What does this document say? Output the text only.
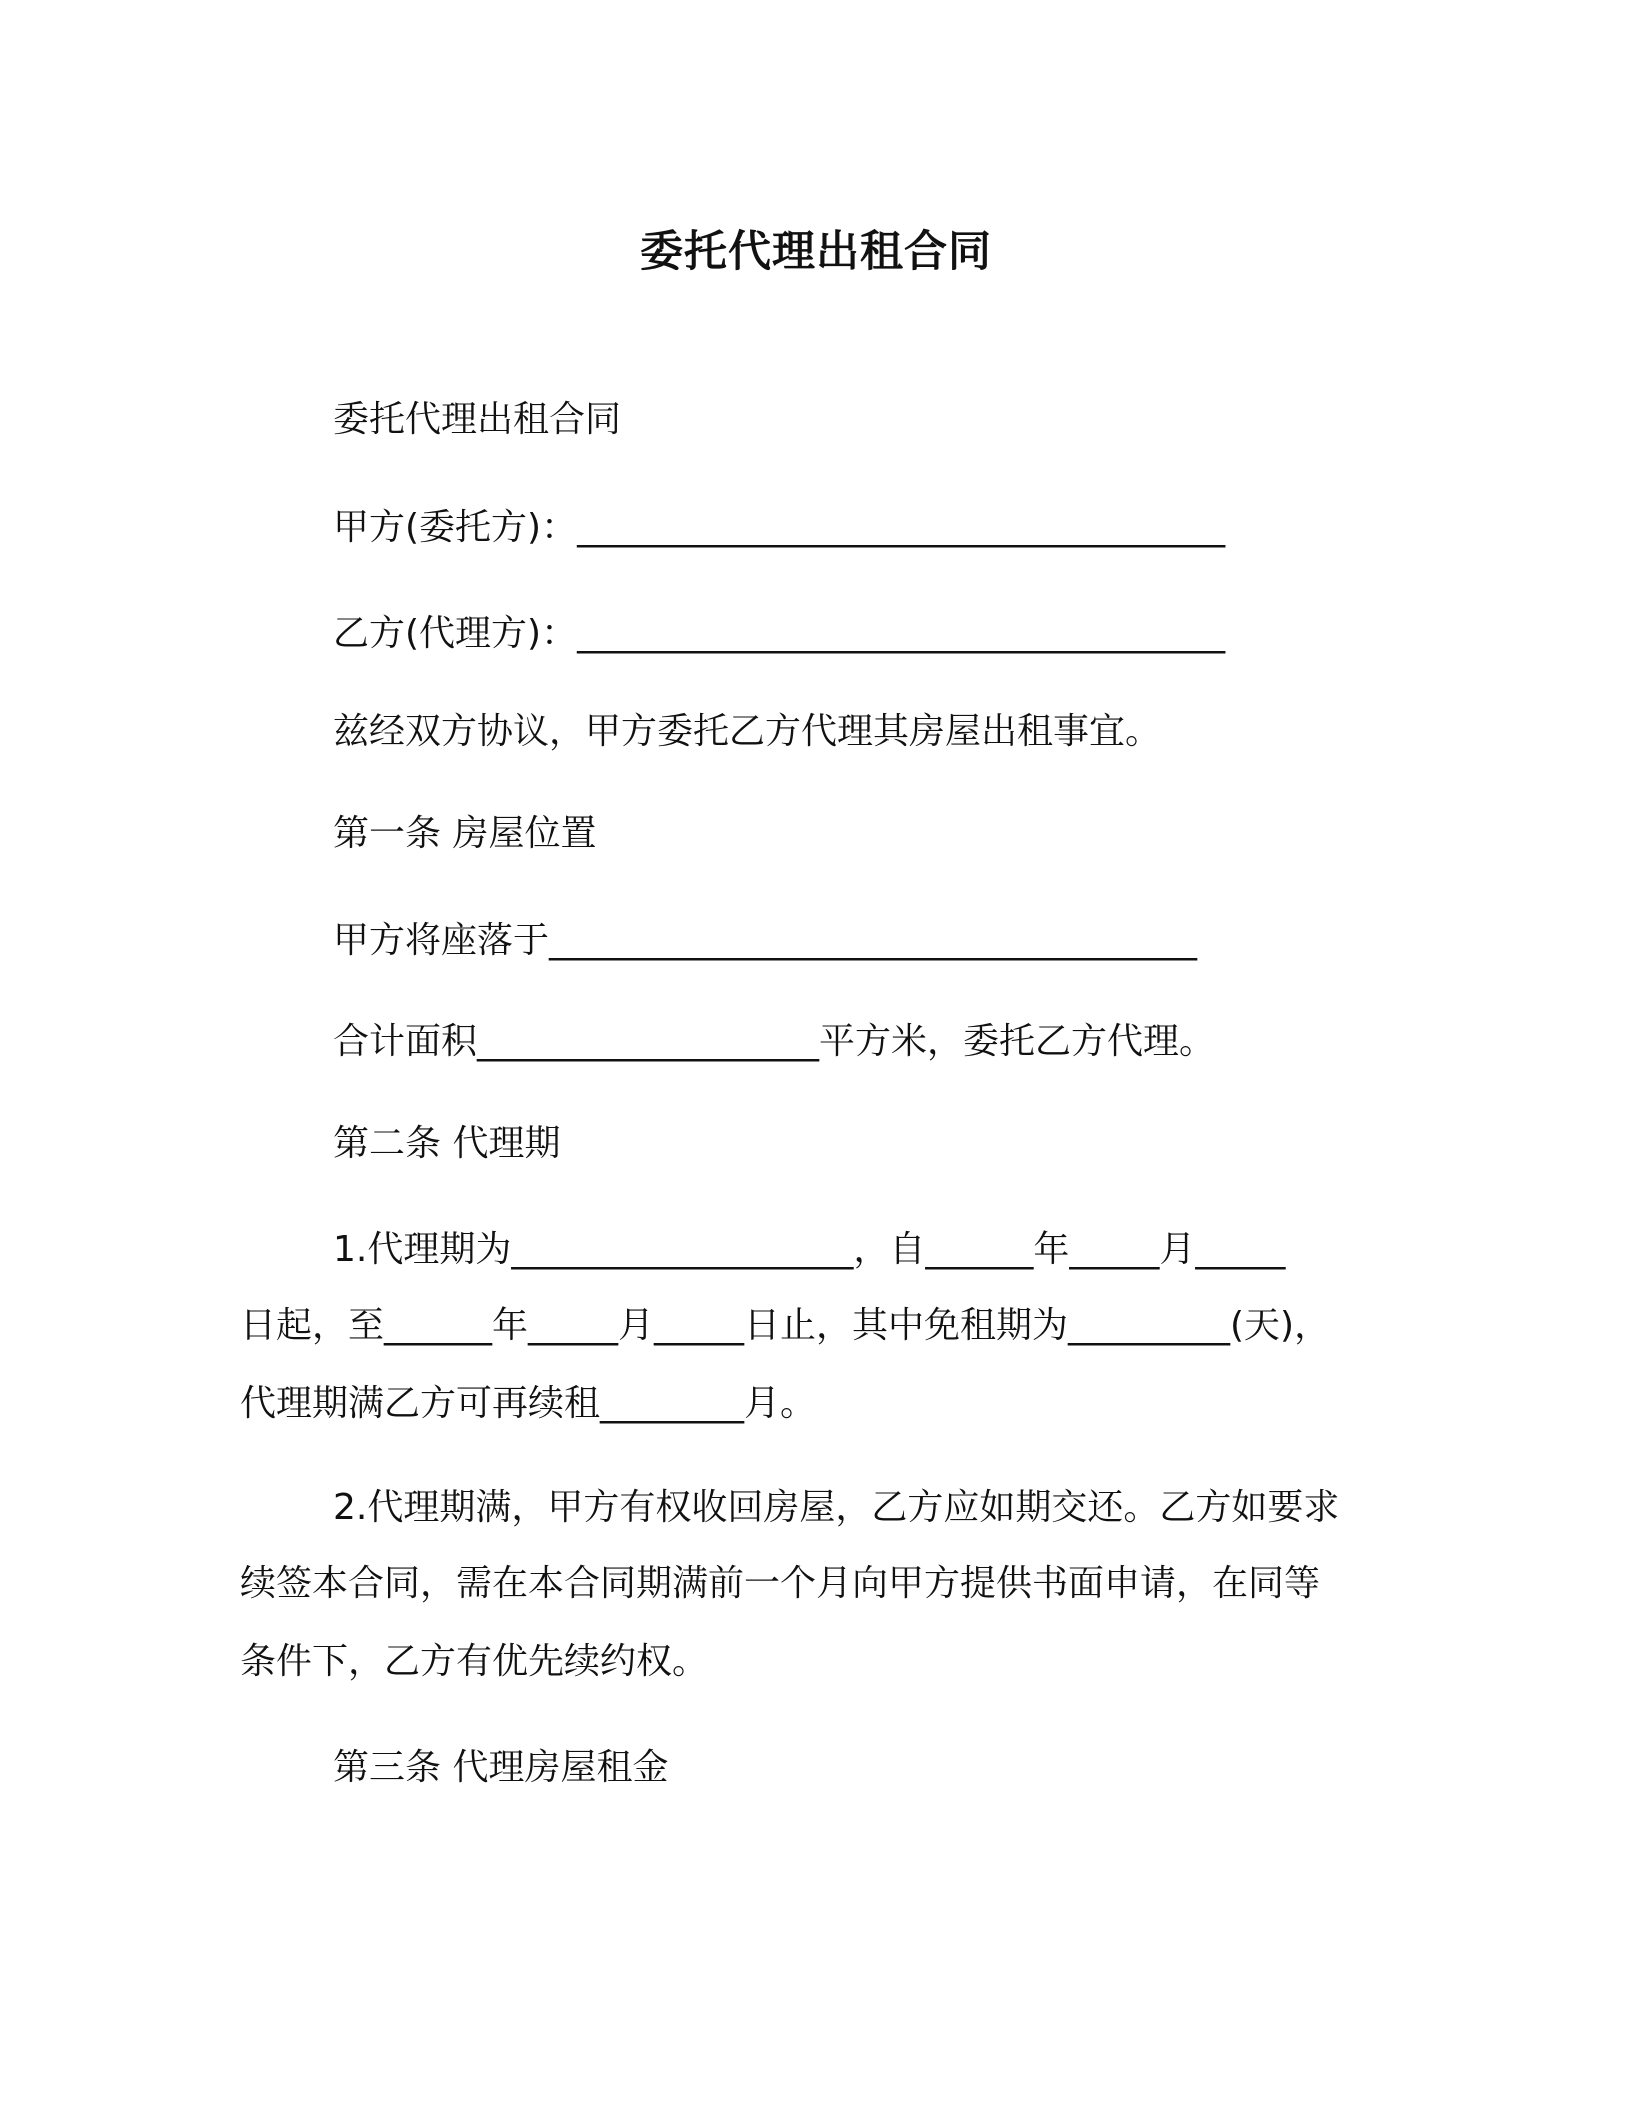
委托代理出租合同

委托代理出租合同

甲方(委托方)：____________________________________

乙方(代理方)：____________________________________

兹经双方协议，甲方委托乙方代理其房屋出租事宜。

第一条 房屋位置

甲方将座落于____________________________________

合计面积___________________平方米，委托乙方代理。

第二条 代理期

1.代理期为___________________，自______年_____月_____

日起，至______年_____月_____日止，其中免租期为_________(天)，

代理期满乙方可再续租________月。

2.代理期满，甲方有权收回房屋，乙方应如期交还。乙方如要求

续签本合同，需在本合同期满前一个月向甲方提供书面申请，在同等

条件下，乙方有优先续约权。

第三条 代理房屋租金
